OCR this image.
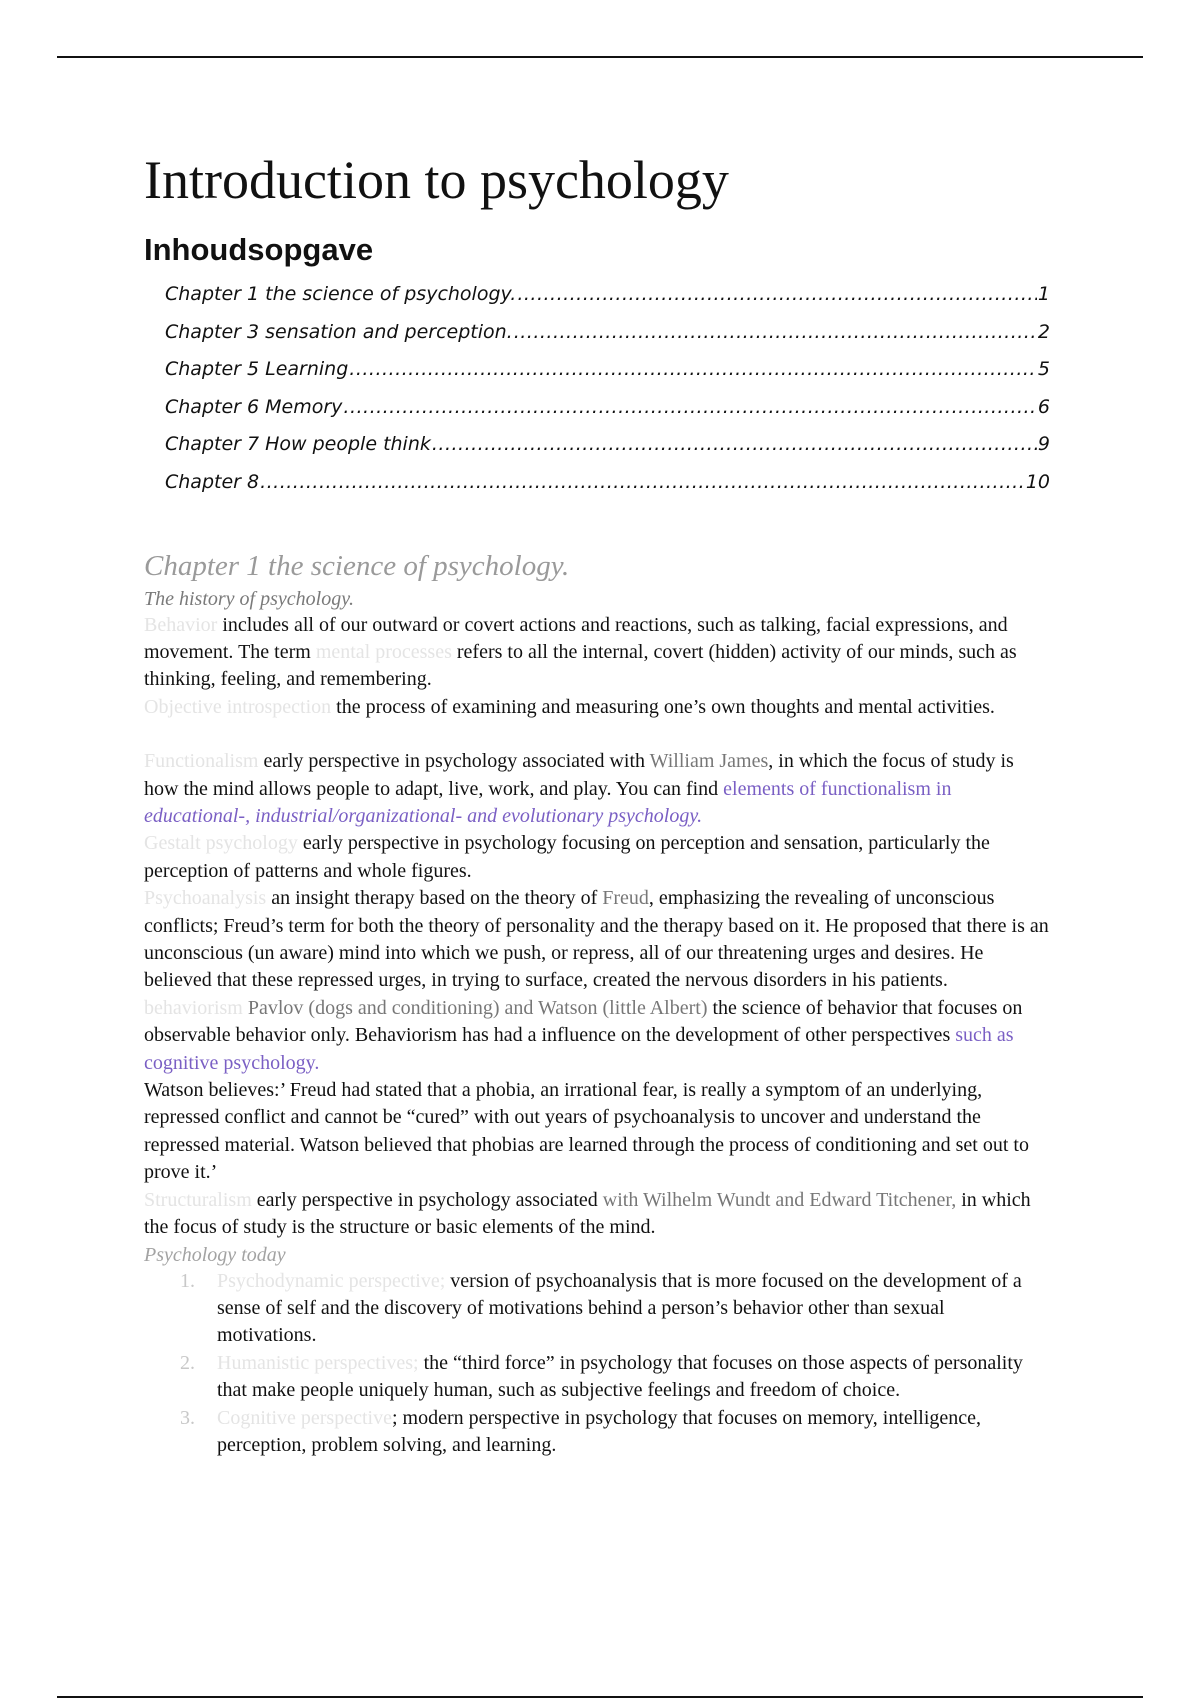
Introduction to psychology
Inhoudsopgave
Chapter 1 the science of psychology. .....	1
Chapter 3 sensation and perception. .....	2
Chapter 5 Learning .....	5
Chapter 6 Memory .....	6
Chapter 7 How people think .....	9
Chapter 8 .....	10
Chapter 1 the science of psychology.
The history of psychology.

Behavior includes all of our outward or covert actions and reactions, such as talking, facial expressions, and movement. The term mental processes refers to all the internal, covert (hidden) activity of our minds, such as thinking, feeling, and remembering.

Objective introspection the process of examining and measuring one’s own thoughts and mental activities.

Functionalism early perspective in psychology associated with William James, in which the focus of study is how the mind allows people to adapt, live, work, and play. You can find elements of functionalism in educational-, industrial/organizational- and evolutionary psychology.

Gestalt psychology early perspective in psychology focusing on perception and sensation, particularly the perception of patterns and whole figures.

Psychoanalysis an insight therapy based on the theory of Freud, emphasizing the revealing of unconscious conflicts; Freud’s term for both the theory of personality and the therapy based on it. He proposed that there is an unconscious (un aware) mind into which we push, or repress, all of our threatening urges and desires. He believed that these repressed urges, in trying to surface, created the nervous disorders in his patients.

behaviorism Pavlov (dogs and conditioning) and Watson (little Albert) the science of behavior that focuses on observable behavior only. Behaviorism has had a influence on the development of other perspectives such as cognitive psychology.

Watson believes:’ Freud had stated that a phobia, an irrational fear, is really a symptom of an underlying, repressed conflict and cannot be “cured” with out years of psychoanalysis to uncover and understand the repressed material. Watson believed that phobias are learned through the process of conditioning and set out to prove it.’

Structuralism early perspective in psychology associated with Wilhelm Wundt and Edward Titchener, in which the focus of study is the structure or basic elements of the mind.

Psychology today
1. Psychodynamic perspective; version of psychoanalysis that is more focused on the development of a sense of self and the discovery of motivations behind a person’s behavior other than sexual motivations.
2. Humanistic perspectives; the “third force” in psychology that focuses on those aspects of personality that make people uniquely human, such as subjective feelings and freedom of choice.
3. Cognitive perspective; modern perspective in psychology that focuses on memory, intelligence, perception, problem solving, and learning.
